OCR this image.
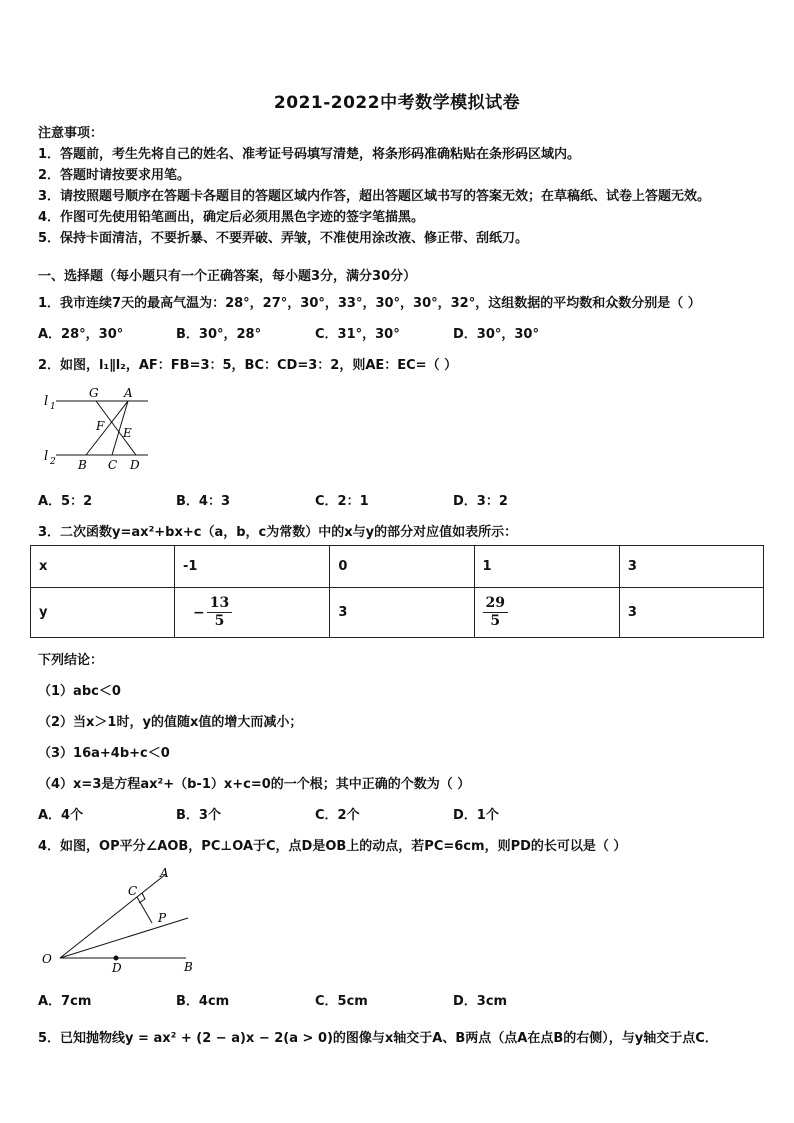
2021-2022中考数学模拟试卷
注意事项：
1．答题前，考生先将自己的姓名、准考证号码填写清楚，将条形码准确粘贴在条形码区域内。
2．答题时请按要求用笔。
3．请按照题号顺序在答题卡各题目的答题区域内作答，超出答题区域书写的答案无效；在草稿纸、试卷上答题无效。
4．作图可先使用铅笔画出，确定后必须用黑色字迹的签字笔描黑。
5．保持卡面清洁，不要折暴、不要弄破、弄皱，不准使用涂改液、修正带、刮纸刀。
一、选择题（每小题只有一个正确答案，每小题3分，满分30分）
1．我市连续7天的最高气温为：28°，27°，30°，33°，30°，30°，32°，这组数据的平均数和众数分别是（ ）
A．28°，30°	B．30°，28°	C．31°，30°	D．30°，30°
2．如图，l₁∥l₂，AF：FB=3：5，BC：CD=3：2，则AE：EC=（ ）
l 1
l 2
G A
F E
B C D
A．5：2	B．4：3	C．2：1	D．3：2
3．二次函数y=ax²+bx+c（a，b，c为常数）中的x与y的部分对应值如表所示：
x	-1	0	1	3
y	− $\frac{13}{5}$	3	$\frac{29}{5}$	3
下列结论：
（1）abc＜0
（2）当x＞1时，y的值随x值的增大而减小；
（3）16a+4b+c＜0
（4）x=3是方程ax²+（b-1）x+c=0的一个根；其中正确的个数为（ ）
A．4个	B．3个	C．2个	D．1个
4．如图，OP平分∠AOB，PC⊥OA于C，点D是OB上的动点，若PC=6cm，则PD的长可以是（ ）
O
A
B
C
P
D
A．7cm	B．4cm	C．5cm	D．3cm
5．已知抛物线y = ax² + (2 − a)x − 2(a > 0)的图像与x轴交于A、B两点（点A在点B的右侧），与y轴交于点C．
